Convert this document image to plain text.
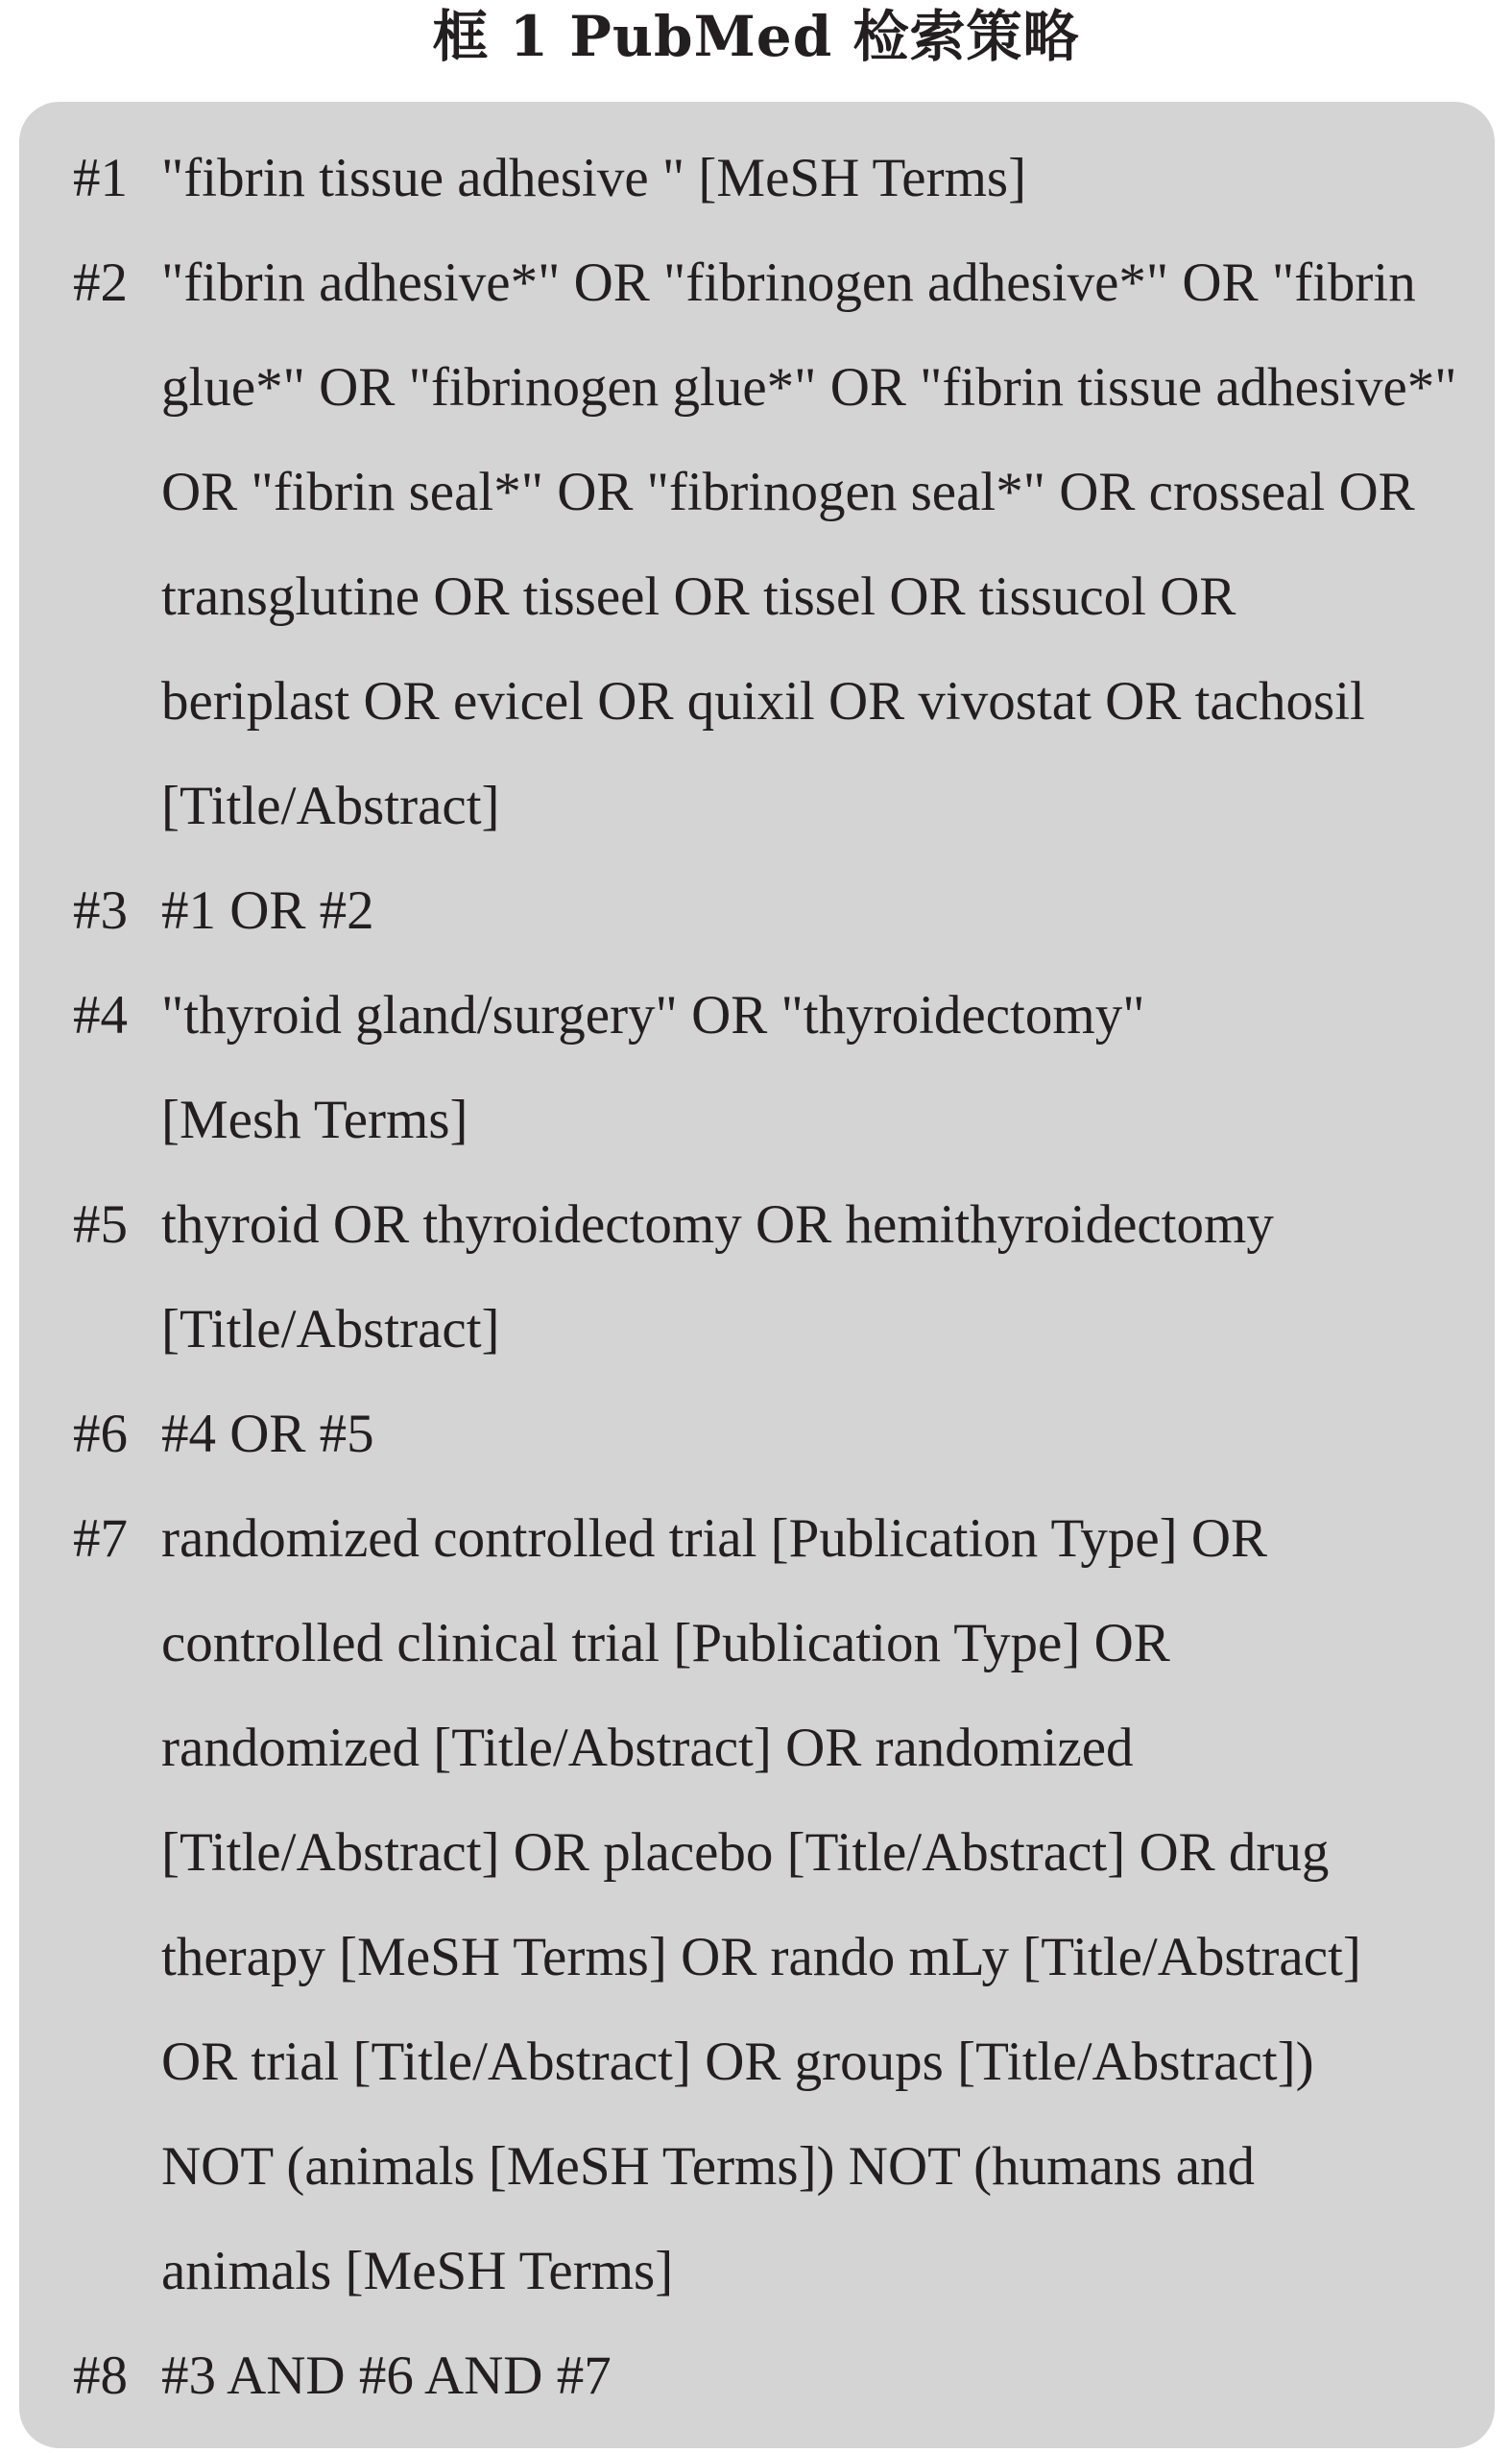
框 1 PubMed 检索策略
#1 "fibrin tissue adhesive " [MeSH Terms]
#2 "fibrin adhesive*" OR "fibrinogen adhesive*" OR "fibrin
glue*" OR "fibrinogen glue*" OR "fibrin tissue adhesive*"
OR "fibrin seal*" OR "fibrinogen seal*" OR crosseal OR
transglutine OR tisseel OR tissel OR tissucol OR
beriplast OR evicel OR quixil OR vivostat OR tachosil
[Title/Abstract]
#3 #1 OR #2
#4 "thyroid gland/surgery" OR "thyroidectomy"
[Mesh Terms]
#5 thyroid OR thyroidectomy OR hemithyroidectomy
[Title/Abstract]
#6 #4 OR #5
#7 randomized controlled trial [Publication Type] OR
controlled clinical trial [Publication Type] OR
randomized [Title/Abstract] OR randomized
[Title/Abstract] OR placebo [Title/Abstract] OR drug
therapy [MeSH Terms] OR rando mLy [Title/Abstract]
OR trial [Title/Abstract] OR groups [Title/Abstract])
NOT (animals [MeSH Terms]) NOT (humans and
animals [MeSH Terms]
#8 #3 AND #6 AND #7
